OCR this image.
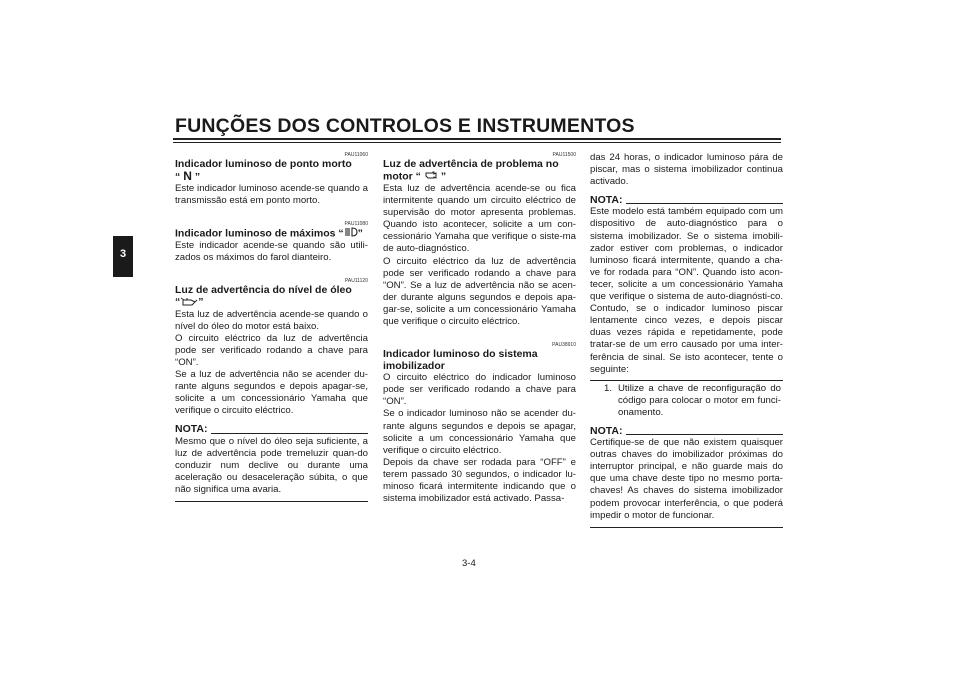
FUNÇÕES DOS CONTROLOS E INSTRUMENTOS
3
PAU11060

Indicador luminoso de ponto morto

“ N ”

Este indicador luminoso acende-se quando a transmissão está em ponto morto.

PAU11080

Indicador luminoso de máximos “ ”

Este indicador acende-se quando são utili-zados os máximos do farol dianteiro.

PAU11120

Luz de advertência do nível de óleo

“ ”

Esta luz de advertência acende-se quando o nível do óleo do motor está baixo.

O circuito eléctrico da luz de advertência pode ser verificado rodando a chave para “ON”.

Se a luz de advertência não se acender du-rante alguns segundos e depois apagar-se, solicite a um concessionário Yamaha que verifique o circuito eléctrico.

NOTA:

Mesmo que o nível do óleo seja suficiente, a luz de advertência pode tremeluzir quan-do conduzir num declive ou durante uma aceleração ou desaceleração súbita, o que não significa uma avaria.

PAU11500

Luz de advertência de problema no

motor “ ”

Esta luz de advertência acende-se ou fica intermitente quando um circuito eléctrico de supervisão do motor apresenta problemas. Quando isto acontecer, solicite a um con-cessionário Yamaha que verifique o siste-ma de auto-diagnóstico.

O circuito eléctrico da luz de advertência pode ser verificado rodando a chave para “ON”. Se a luz de advertência não se acen-der durante alguns segundos e depois apa-gar-se, solicite a um concessionário Yamaha que verifique o circuito eléctrico.

PAU38910

Indicador luminoso do sistema

imobilizador

O circuito eléctrico do indicador luminoso pode ser verificado rodando a chave para “ON”.

Se o indicador luminoso não se acender du-rante alguns segundos e depois se apagar, solicite a um concessionário Yamaha que verifique o circuito eléctrico.

Depois da chave ser rodada para “OFF” e terem passado 30 segundos, o indicador lu-minoso ficará intermitente indicando que o sistema imobilizador está activado. Passa-

das 24 horas, o indicador luminoso pára de piscar, mas o sistema imobilizador continua activado.

NOTA:

Este modelo está também equipado com um dispositivo de auto-diagnóstico para o sistema imobilizador. Se o sistema imobili-zador estiver com problemas, o indicador luminoso ficará intermitente, quando a cha-ve for rodada para “ON”. Quando isto acon-tecer, solicite a um concessionário Yamaha que verifique o sistema de auto-diagnósti-co. Contudo, se o indicador luminoso piscar lentamente cinco vezes, e depois piscar duas vezes rápida e repetidamente, pode tratar-se de um erro causado por uma inter-ferência de sinal. Se isto acontecer, tente o seguinte:

1. Utilize a chave de reconfiguração do código para colocar o motor em funci-onamento.
NOTA:

Certifique-se de que não existem quaisquer outras chaves do imobilizador próximas do interruptor principal, e não guarde mais do que uma chave deste tipo no mesmo porta-chaves! As chaves do sistema imobilizador podem provocar interferência, o que poderá impedir o motor de funcionar.

3-4
